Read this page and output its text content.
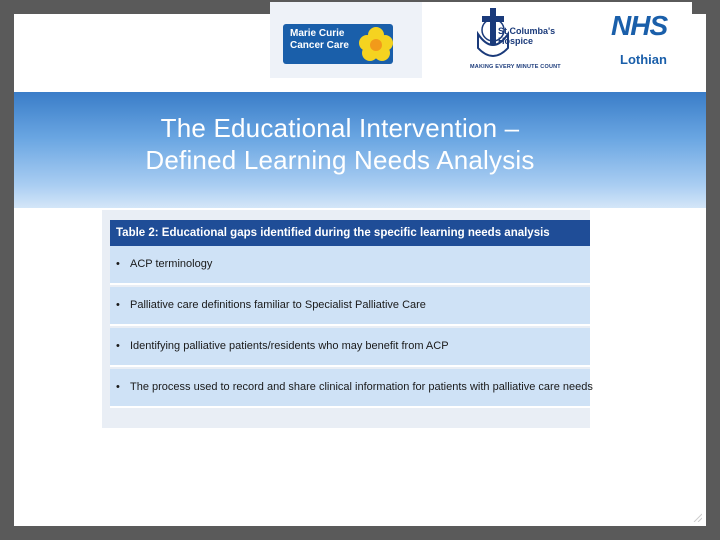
The Educational Intervention –
Defined Learning Needs Analysis
Marie Curie
Cancer Care
St Columba's
Hospice
MAKING EVERY MINUTE COUNT
NHS
Lothian
Table 2: Educational gaps identified during the specific learning needs analysis
• ACP terminology
• Palliative care definitions familiar to Specialist Palliative Care
• Identifying palliative patients/residents who may benefit from ACP
• The process used to record and share clinical information for patients with palliative care needs
